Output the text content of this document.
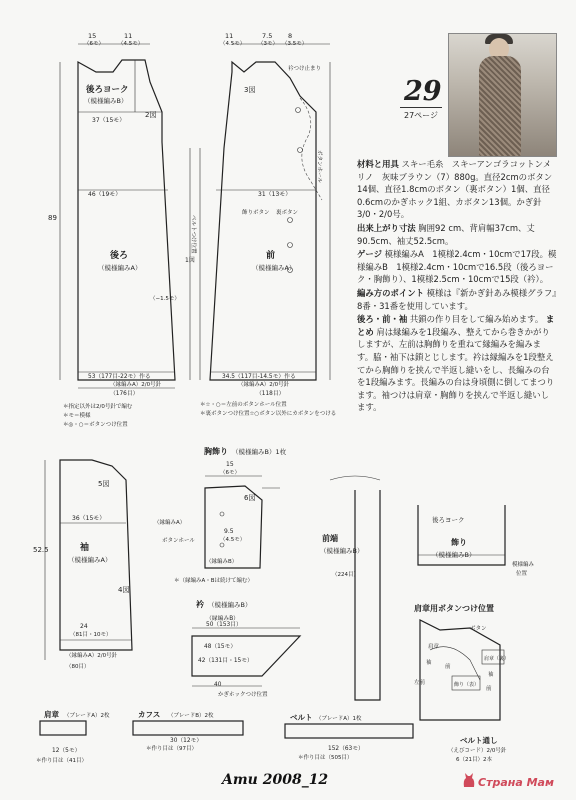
15
（6モ）
11
（4.5モ）
後ろヨーク
（模様編みB）
37（15モ）
2図
46（19モ）
89
後ろ
（模様編みA）
（−1.5モ）
53（177目-22モ）作る
（176目）
（縁編みA）2/0号針
＊指定以外は2/0号針で編む
＊モ＝模様
＊◎・○＝ボタンつけ位置
ベルトつけ位置
1図
11
（4.5モ）
7.5
（3モ）
8
（3.5モ）
衿つけ止まり
3図
31（13モ）
ボタンホール
飾りボタン 裏ボタン
前
（模様編みA）
34.5（117目-14.5モ）作る
（118目）
（縁編みA）2/0号針
＊☆・○＝左前のボタンホール位置
＊裏ボタンつけ位置☆○ボタン以外にカボタンをつける
5図
36（15モ）
52.5	袖
（模様編みA）
4図
24
（81目・10モ）
（縁編みA）2/0号針
（80目）
胸飾り （模様編みB）1枚
15
（6モ）
6図
（縁編みA）
ボタンホール
9.5
（4.5モ）
（縁編みB）
＊（縁編みA・Bは続けて編む）
衿 （模様編みB）
（縁編みB）
50（153目）
48（15モ）
42（131目・15モ）
40
かぎホックつけ位置
前端
（模様編みB）
（224目）
後ろヨーク
飾り
（模様編みB）
模様編み
位置
肩章用ボタンつけ位置
ボタン
肩章
袖
前
肩章（裏）
袖
飾り（表）
前
左前
肩章 （ブレードA）2枚
12（5モ）
＊作り目は（41目）
カフス （ブレードB）2枚
30（12モ）
＊作り目は（97目）
ベルト （ブレードA）1枚
152（63モ）
＊作り目は（505目）
ベルト通し
（えびコード）2/0号針
6（21目）2本
29
27ページ

材料と用具 スキー毛糸　スキーアンゴラコットンメリノ　灰味ブラウン（7）880g。直径2cmのボタン14個、直径1.8cmのボタン（裏ボタン）1個、直径0.6cmのかぎホック1組、カボタン13個。かぎ針3/0・2/0号。

出来上がり寸法 胸囲92 cm、背肩幅37cm、丈90.5cm、袖丈52.5cm。

ゲージ 模様編みA　1模様2.4cm・10cmで17段。模様編みB　1模様2.4cm・10cmで16.5段（後ろヨーク・胸飾り）、1模様2.5cm・10cmで15段（衿）。

編み方のポイント 模様は『新かぎ針あみ模様グラフ』8番・31番を使用しています。

後ろ・前・袖 共鎖の作り目をして編み始めます。 まとめ 肩は縁編みを1段編み、整えてから巻きかがりしますが、左前は胸飾りを重ねて縁編みを編みます。脇・袖下は鎖とじします。衿は縁編みを1段整えてから胸飾りを挟んで半返し縫いをし、長編みの台を1段編みます。長編みの台は身頃側に倒してまつります。袖つけは肩章・胸飾りを挟んで半返し縫いします。

Amu 2008_12	Страна Мам
